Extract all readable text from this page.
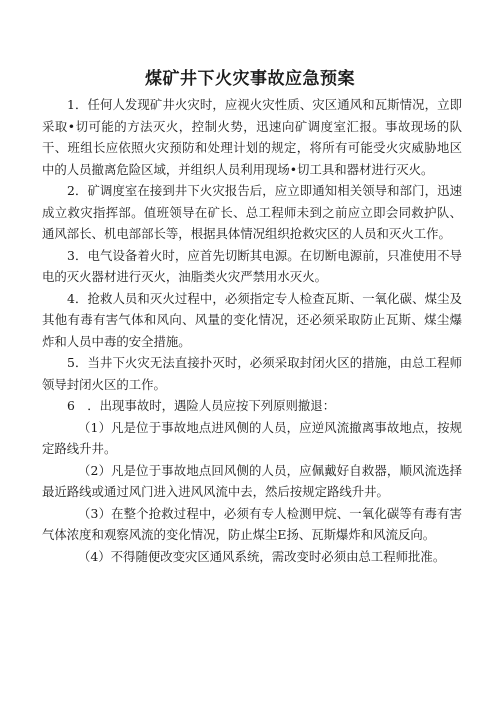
煤矿井下火灾事故应急预案

1．任何人发现矿井火灾时，应视火灾性质、灾区通风和瓦斯情况，立即采取•切可能的方法灭火，控制火势，迅速向矿调度室汇报。事故现场的队干、班组长应依照火灾预防和处理计划的规定，将所有可能受火灾威胁地区中的人员撤离危险区域，并组织人员利用现场•切工具和器材进行灭火。

2．矿调度室在接到井下火灾报告后，应立即通知相关领导和部门，迅速成立救灾指挥部。值班领导在矿长、总工程师未到之前应立即会同救护队、通风部长、机电部部长等，根据具体情况组织抢救灾区的人员和灭火工作。

3．电气设备着火时，应首先切断其电源。在切断电源前，只准使用不导电的灭火器材进行灭火，油脂类火灾严禁用水灭火。

4．抢救人员和灭火过程中，必须指定专人检查瓦斯、一氧化碳、煤尘及其他有毒有害气体和风向、风量的变化情况，还必须采取防止瓦斯、煤尘爆炸和人员中毒的安全措施。

5．当井下火灾无法直接扑灭时，必须采取封闭火区的措施，由总工程师领导封闭火区的工作。

6　．出现事故时，遇险人员应按下列原则撤退：

（1）凡是位于事故地点进风侧的人员，应逆风流撤离事故地点，按规定路线升井。

（2）凡是位于事故地点回风侧的人员，应佩戴好自救器，顺风流选择最近路线或通过风门进入进风风流中去，然后按规定路线升井。

（3）在整个抢救过程中，必须有专人检测甲烷、一氧化碳等有毒有害气体浓度和观察风流的变化情况，防止煤尘E扬、瓦斯爆炸和风流反向。

（4）不得随便改变灾区通风系统，需改变时必须由总工程师批准。
